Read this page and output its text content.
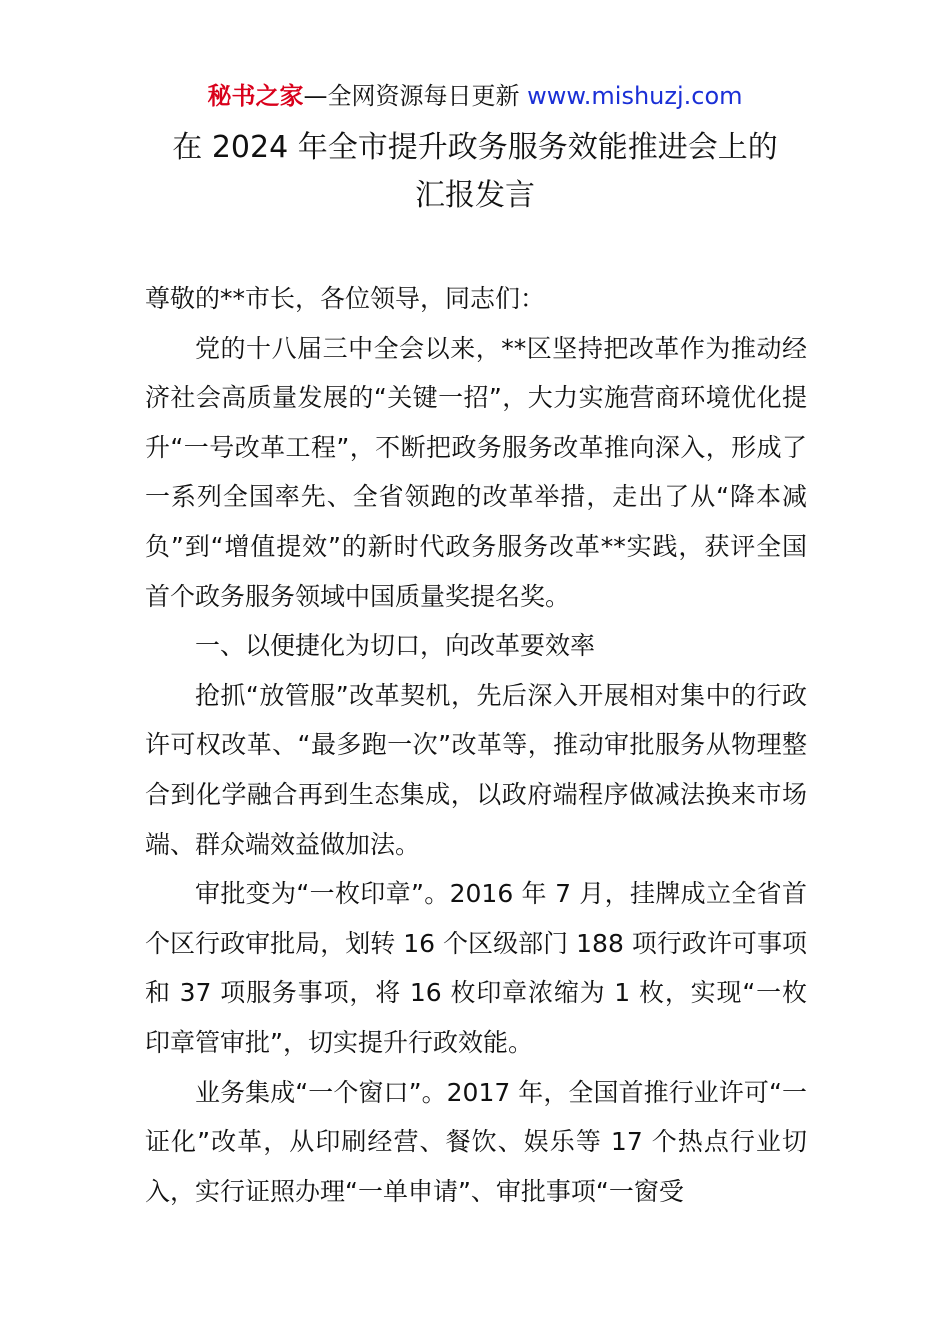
秘书之家—全网资源每日更新 www.mishuzj.com
在 2024 年全市提升政务服务效能推进会上的
汇报发言

尊敬的**市长，各位领导，同志们：

党的十八届三中全会以来，**区坚持把改革作为推动经济社会高质量发展的“关键一招”，大力实施营商环境优化提升“一号改革工程”，不断把政务服务改革推向深入，形成了一系列全国率先、全省领跑的改革举措，走出了从“降本减负”到“增值提效”的新时代政务服务改革**实践，获评全国首个政务服务领域中国质量奖提名奖。

一、以便捷化为切口，向改革要效率

抢抓“放管服”改革契机，先后深入开展相对集中的行政许可权改革、“最多跑一次”改革等，推动审批服务从物理整合到化学融合再到生态集成，以政府端程序做减法换来市场端、群众端效益做加法。

审批变为“一枚印章”。2016 年 7 月，挂牌成立全省首个区行政审批局，划转 16 个区级部门 188 项行政许可事项和 37 项服务事项，将 16 枚印章浓缩为 1 枚，实现“一枚印章管审批”，切实提升行政效能。

业务集成“一个窗口”。2017 年，全国首推行业许可“一证化”改革，从印刷经营、餐饮、娱乐等 17 个热点行业切入，实行证照办理“一单申请”、审批事项“一窗受
